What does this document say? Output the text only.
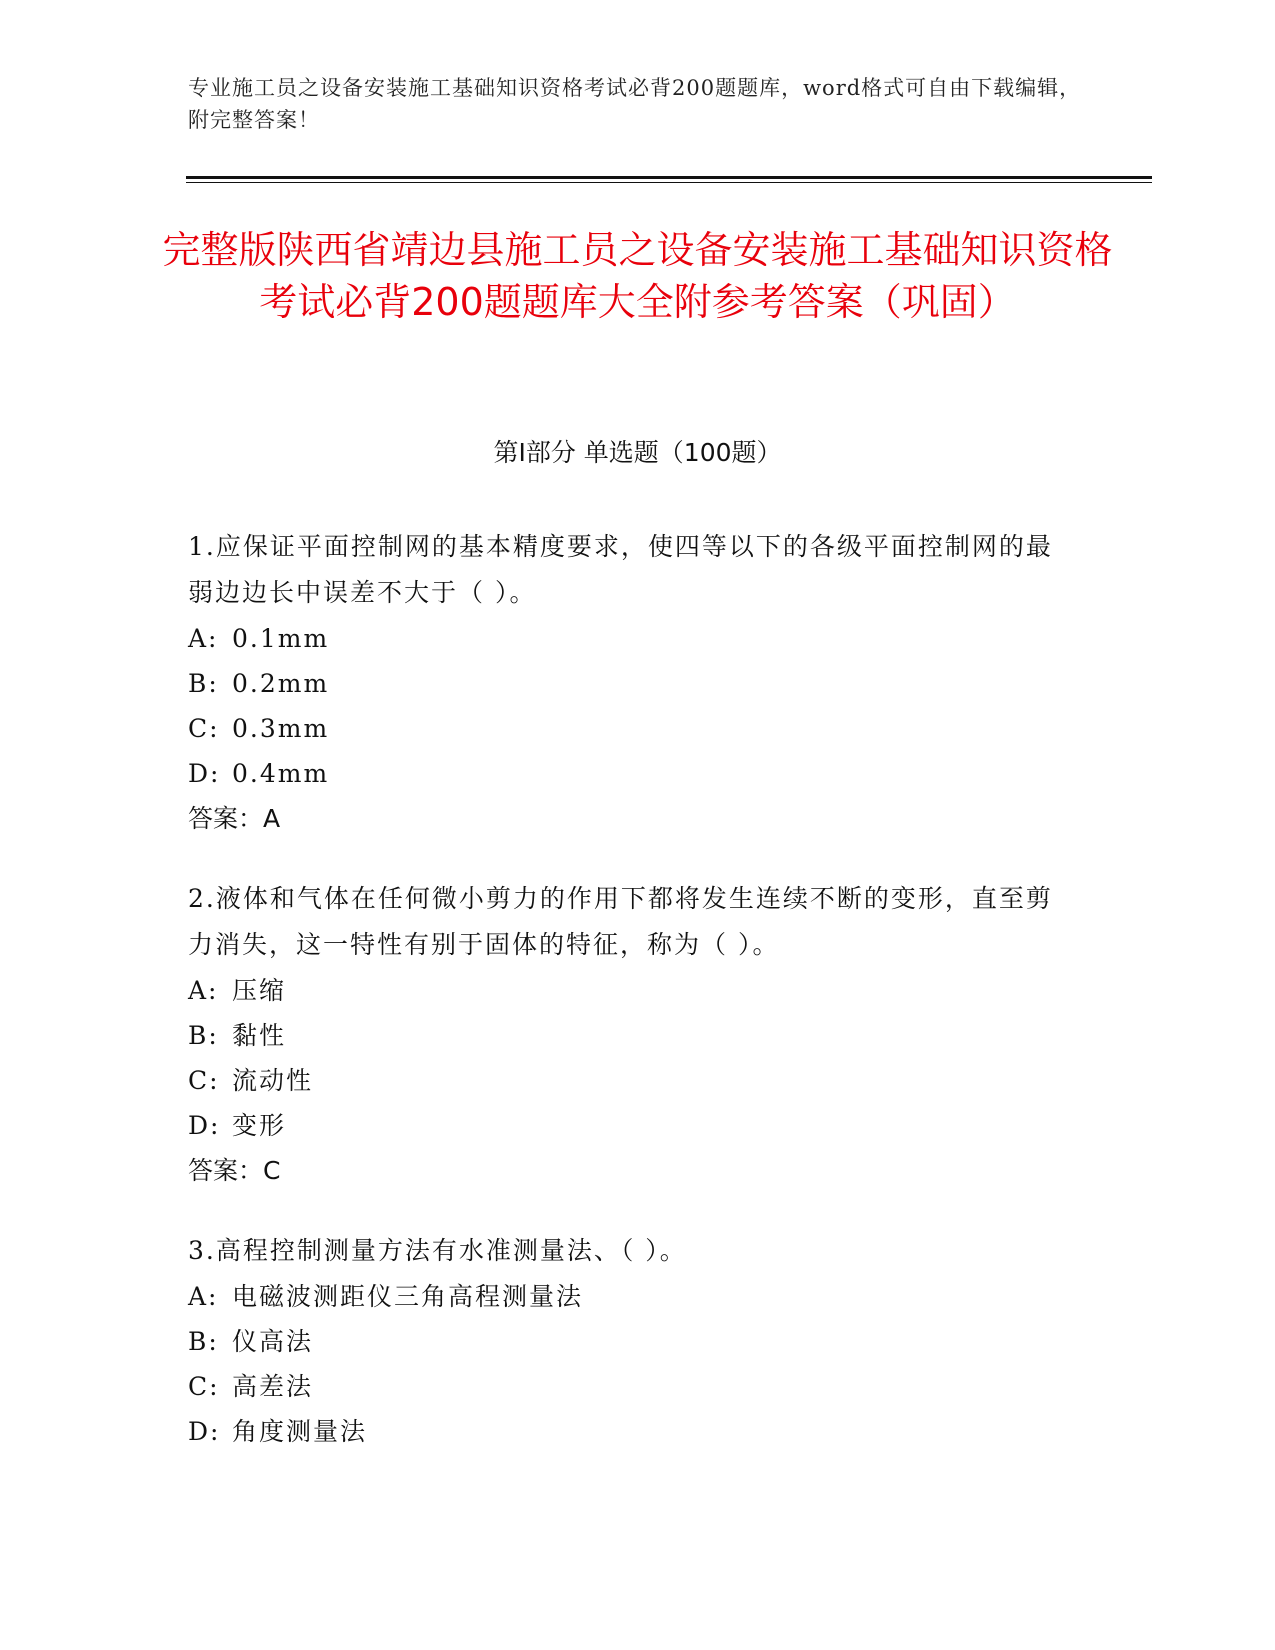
专业施工员之设备安装施工基础知识资格考试必背200题题库，word格式可自由下载编辑，附完整答案！
完整版陕西省靖边县施工员之设备安装施工基础知识资格考试必背200题题库大全附参考答案（巩固）
第Ⅰ部分 单选题（100题）
1.应保证平面控制网的基本精度要求，使四等以下的各级平面控制网的最弱边边长中误差不大于（ ）。
A: 0.1mm
B: 0.2mm
C: 0.3mm
D: 0.4mm
答案：A
2.液体和气体在任何微小剪力的作用下都将发生连续不断的变形，直至剪力消失，这一特性有别于固体的特征，称为（ ）。
A: 压缩
B: 黏性
C: 流动性
D: 变形
答案：C
3.高程控制测量方法有水准测量法、（ ）。
A: 电磁波测距仪三角高程测量法
B: 仪高法
C: 高差法
D: 角度测量法
